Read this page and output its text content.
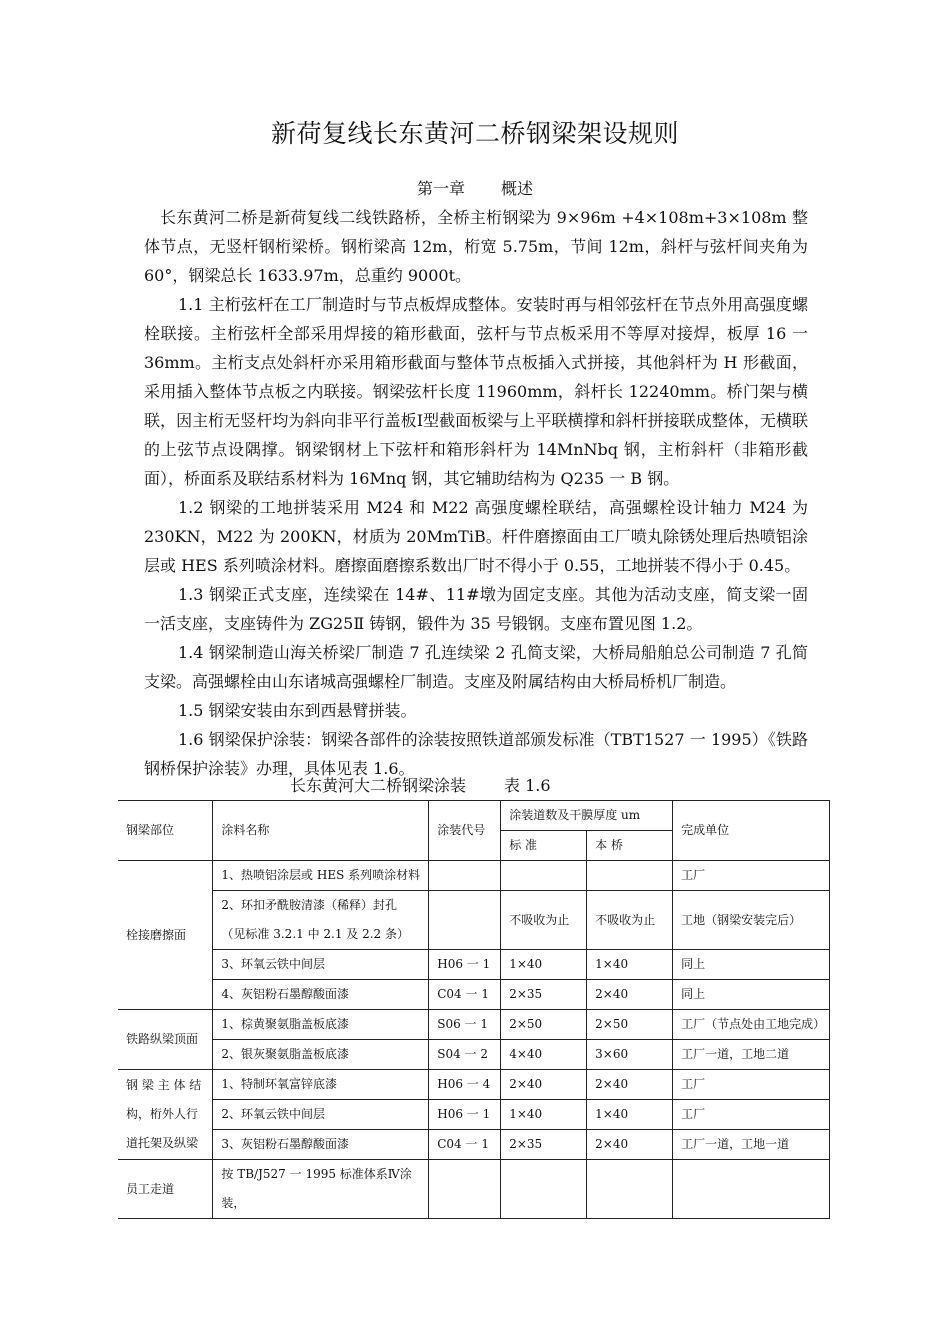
新荷复线长东黄河二桥钢梁架设规则
第一章 概述
长东黄河二桥是新荷复线二线铁路桥，全桥主桁钢梁为 9×96m +4×108m+3×108m 整体节点，无竖杆钢桁梁桥。钢桁梁高 12m，桁宽 5.75m，节间 12m，斜杆与弦杆间夹角为 60°，钢梁总长 1633.97m，总重约 9000t。
1.1 主桁弦杆在工厂制造时与节点板焊成整体。安装时再与相邻弦杆在节点外用高强度螺栓联接。主桁弦杆全部采用焊接的箱形截面，弦杆与节点板采用不等厚对接焊，板厚 16 一 36mm。主桁支点处斜杆亦采用箱形截面与整体节点板插入式拼接，其他斜杆为 H 形截面，采用插入整体节点板之内联接。钢梁弦杆长度 11960mm，斜杆长 12240mm。桥门架与横联，因主桁无竖杆均为斜向非平行盖板Ⅰ型截面板梁与上平联横撑和斜杆拼接联成整体，无横联的上弦节点设隅撑。钢梁钢材上下弦杆和箱形斜杆为 14MnNbq 钢，主桁斜杆（非箱形截面），桥面系及联结系材料为 16Mnq 钢，其它辅助结构为 Q235 一 B 钢。
1.2 钢梁的工地拼装采用 M24 和 M22 高强度螺栓联结，高强螺栓设计轴力 M24 为 230KN，M22 为 200KN，材质为 20MmTiB。杆件磨擦面由工厂喷丸除锈处理后热喷铝涂层或 HES 系列喷涂材料。磨擦面磨擦系数出厂时不得小于 0.55，工地拼装不得小于 0.45。
1.3 钢梁正式支座，连续梁在 14#、11#墩为固定支座。其他为活动支座，简支梁一固一活支座，支座铸件为 ZG25Ⅱ 铸钢，锻件为 35 号锻钢。支座布置见图 1.2。
1.4 钢梁制造山海关桥梁厂制造 7 孔连续梁 2 孔简支梁，大桥局船舶总公司制造 7 孔简支梁。高强螺栓由山东诸城高强螺栓厂制造。支座及附属结构由大桥局桥机厂制造。
1.5 钢梁安装由东到西悬臂拼装。
1.6 钢梁保护涂装：钢梁各部件的涂装按照铁道部颁发标准（TBT1527 一 1995）《铁路钢桥保护涂装》办理，具体见表 1.6。
长东黄河大二桥钢梁涂装 表 1.6
钢梁部位	涂料名称	涂装代号	涂装道数及干膜厚度 um		完成单位
			标 准	本 桥	
栓接磨擦面	1、热喷铝涂层或 HES 系列喷涂材料				工厂
	2、环扣矛酰胺清漆（稀释）封孔（见标准 3.2.1 中 2.1 及 2.2 条）		不吸收为止	不吸收为止	工地（钢梁安装完后）
	3、环氧云铁中间层	H06 一 1	1×40	1×40	同上
	4、灰铝粉石墨醇酸面漆	C04 一 1	2×35	2×40	同上
铁路纵梁顶面	1、棕黄聚氨脂盖板底漆	S06 一 1	2×50	2×50	工厂（节点处由工地完成）
	2、银灰聚氨脂盖板底漆	S04 一 2	4×40	3×60	工厂一道，工地二道
钢 梁 主 体 结 构，桁外人行道托架及纵梁	1、特制环氧富锌底漆	H06 一 4	2×40	2×40	工厂
	2、环氧云铁中间层	H06 一 1	1×40	1×40	工厂
	3、灰铝粉石墨醇酸面漆	C04 一 1	2×35	2×40	工厂一道，工地一道
员工走道	按 TB/J527 一 1995 标准体系Ⅳ涂装，				
